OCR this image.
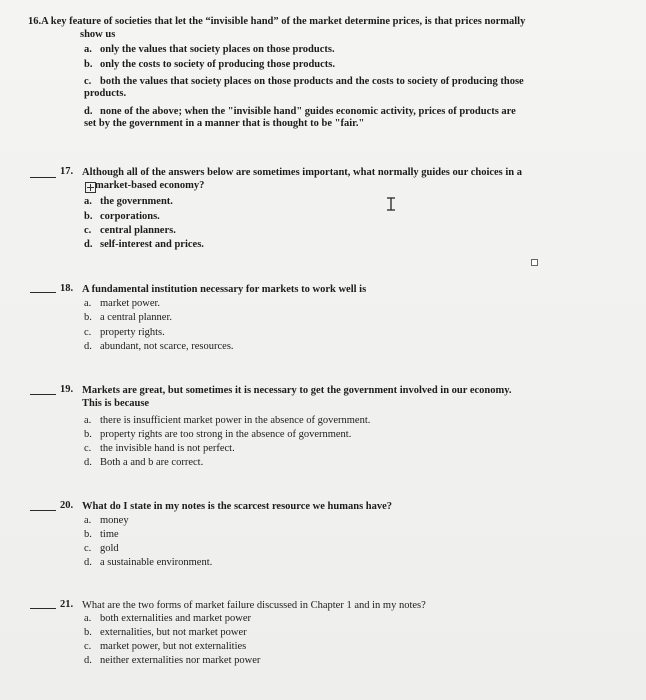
16.A key feature of societies that let the “invisible hand” of the market determine prices, is that prices normally
show us
a. only the values that society places on those products.
b. only the costs to society of producing those products.
c. both the values that society places on those products and the costs to society of producing those products.
d. none of the above; when the "invisible hand" guides economic activity, prices of products are set by the government in a manner that is thought to be "fair."
17. Although all of the answers below are sometimes important, what normally guides our choices in a
market-based economy?
a. the government.
b. corporations.
c. central planners.
d. self-interest and prices.
18. A fundamental institution necessary for markets to work well is
a. market power.
b. a central planner.
c. property rights.
d. abundant, not scarce, resources.
19. Markets are great, but sometimes it is necessary to get the government involved in our economy.
This is because
a. there is insufficient market power in the absence of government.
b. property rights are too strong in the absence of government.
c. the invisible hand is not perfect.
d. Both a and b are correct.
20. What do I state in my notes is the scarcest resource we humans have?
a. money
b. time
c. gold
d. a sustainable environment.
21. What are the two forms of market failure discussed in Chapter 1 and in my notes?
a. both externalities and market power
b. externalities, but not market power
c. market power, but not externalities
d. neither externalities nor market power
